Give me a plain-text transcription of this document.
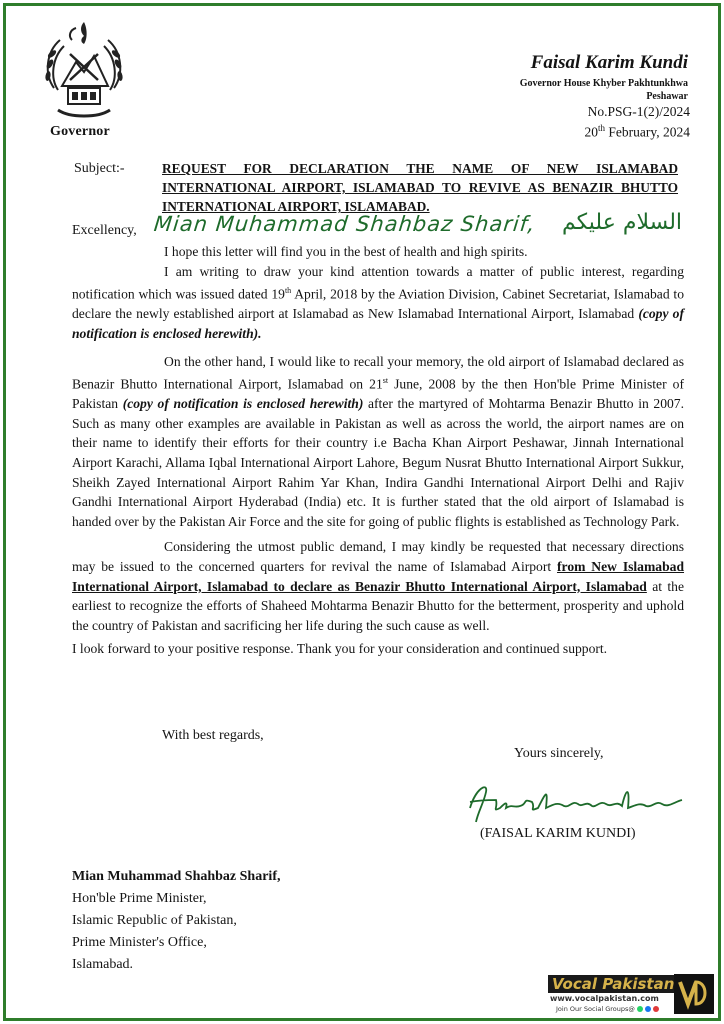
Governor
Faisal Karim Kundi
Governor House Khyber Pakhtunkhwa
Peshawar
No.PSG-1(2)/2024
20th February, 2024
Subject:-	REQUEST FOR DECLARATION THE NAME OF NEW ISLAMABAD INTERNATIONAL AIRPORT, ISLAMABAD TO REVIVE AS BENAZIR BHUTTO INTERNATIONAL AIRPORT, ISLAMABAD.
Excellency, Mian Muhammad Shahbaz Sharif, السلام علیکم

I hope this letter will find you in the best of health and high spirits.

I am writing to draw your kind attention towards a matter of public interest, regarding notification which was issued dated 19th April, 2018 by the Aviation Division, Cabinet Secretariat, Islamabad to declare the newly established airport at Islamabad as New Islamabad International Airport, Islamabad (copy of notification is enclosed herewith).

On the other hand, I would like to recall your memory, the old airport of Islamabad declared as Benazir Bhutto International Airport, Islamabad on 21st June, 2008 by the then Hon'ble Prime Minister of Pakistan (copy of notification is enclosed herewith) after the martyred of Mohtarma Benazir Bhutto in 2007. Such as many other examples are available in Pakistan as well as across the world, the airport names are on their name to identify their efforts for their country i.e Bacha Khan Airport Peshawar, Jinnah International Airport Karachi, Allama Iqbal International Airport Lahore, Begum Nusrat Bhutto International Airport Sukkur, Sheikh Zayed International Airport Rahim Yar Khan, Indira Gandhi International Airport Delhi and Rajiv Gandhi International Airport Hyderabad (India) etc. It is further stated that the old airport of Islamabad is handed over by the Pakistan Air Force and the site for going of public flights is established as Technology Park.

Considering the utmost public demand, I may kindly be requested that necessary directions may be issued to the concerned quarters for revival the name of Islamabad Airport from New Islamabad International Airport, Islamabad to declare as Benazir Bhutto International Airport, Islamabad at the earliest to recognize the efforts of Shaheed Mohtarma Benazir Bhutto for the betterment, prosperity and uphold the country of Pakistan and sacrificing her life during the such cause as well.

I look forward to your positive response. Thank you for your consideration and continued support.

With best regards,
Yours sincerely,
(FAISAL KARIM KUNDI)
Mian Muhammad Shahbaz Sharif,
Hon'ble Prime Minister,
Islamic Republic of Pakistan,
Prime Minister's Office,
Islamabad.
Vocal Pakistan
www.vocalpakistan.com
Join Our Social Groups@
